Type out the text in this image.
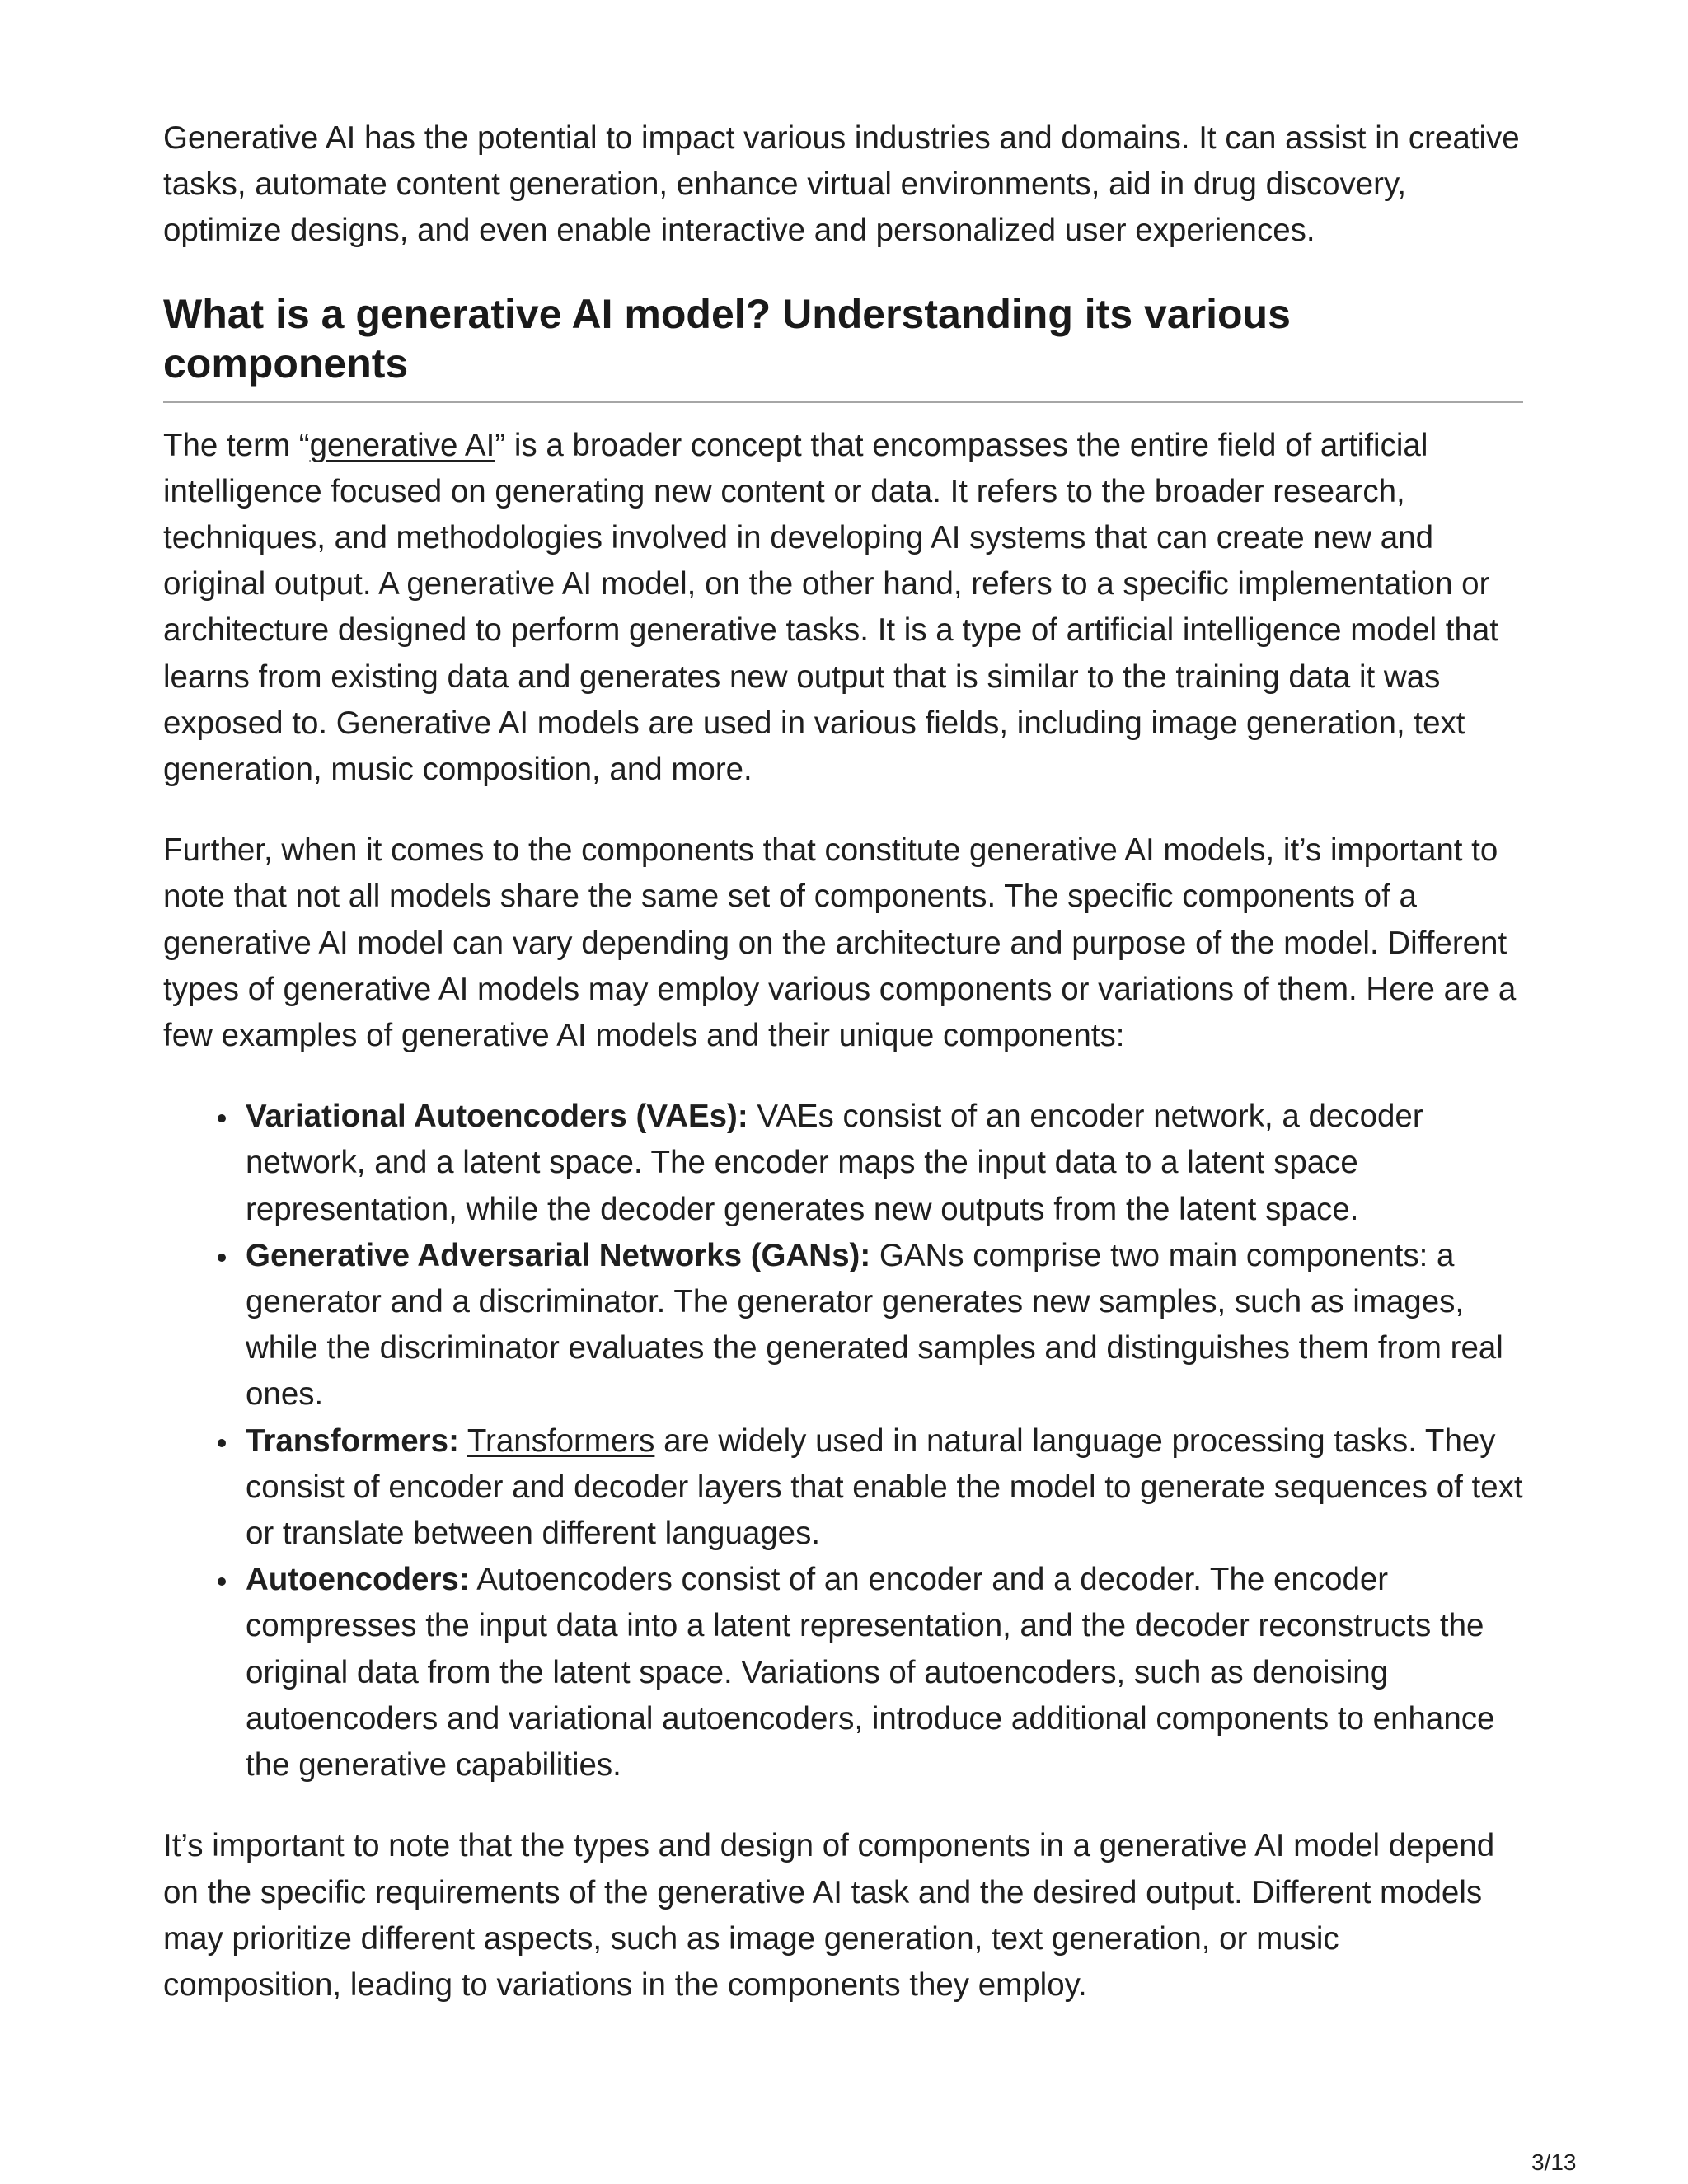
Generative AI has the potential to impact various industries and domains. It can assist in creative tasks, automate content generation, enhance virtual environments, aid in drug discovery, optimize designs, and even enable interactive and personalized user experiences.

What is a generative AI model? Understanding its various components

The term “generative AI” is a broader concept that encompasses the entire field of artificial intelligence focused on generating new content or data. It refers to the broader research, techniques, and methodologies involved in developing AI systems that can create new and original output. A generative AI model, on the other hand, refers to a specific implementation or architecture designed to perform generative tasks. It is a type of artificial intelligence model that learns from existing data and generates new output that is similar to the training data it was exposed to. Generative AI models are used in various fields, including image generation, text generation, music composition, and more.

Further, when it comes to the components that constitute generative AI models, it’s important to note that not all models share the same set of components. The specific components of a generative AI model can vary depending on the architecture and purpose of the model. Different types of generative AI models may employ various components or variations of them. Here are a few examples of generative AI models and their unique components:

Variational Autoencoders (VAEs): VAEs consist of an encoder network, a decoder network, and a latent space. The encoder maps the input data to a latent space representation, while the decoder generates new outputs from the latent space.
Generative Adversarial Networks (GANs): GANs comprise two main components: a generator and a discriminator. The generator generates new samples, such as images, while the discriminator evaluates the generated samples and distinguishes them from real ones.
Transformers: Transformers are widely used in natural language processing tasks. They consist of encoder and decoder layers that enable the model to generate sequences of text or translate between different languages.
Autoencoders: Autoencoders consist of an encoder and a decoder. The encoder compresses the input data into a latent representation, and the decoder reconstructs the original data from the latent space. Variations of autoencoders, such as denoising autoencoders and variational autoencoders, introduce additional components to enhance the generative capabilities.

It’s important to note that the types and design of components in a generative AI model depend on the specific requirements of the generative AI task and the desired output. Different models may prioritize different aspects, such as image generation, text generation, or music composition, leading to variations in the components they employ.

3/13
